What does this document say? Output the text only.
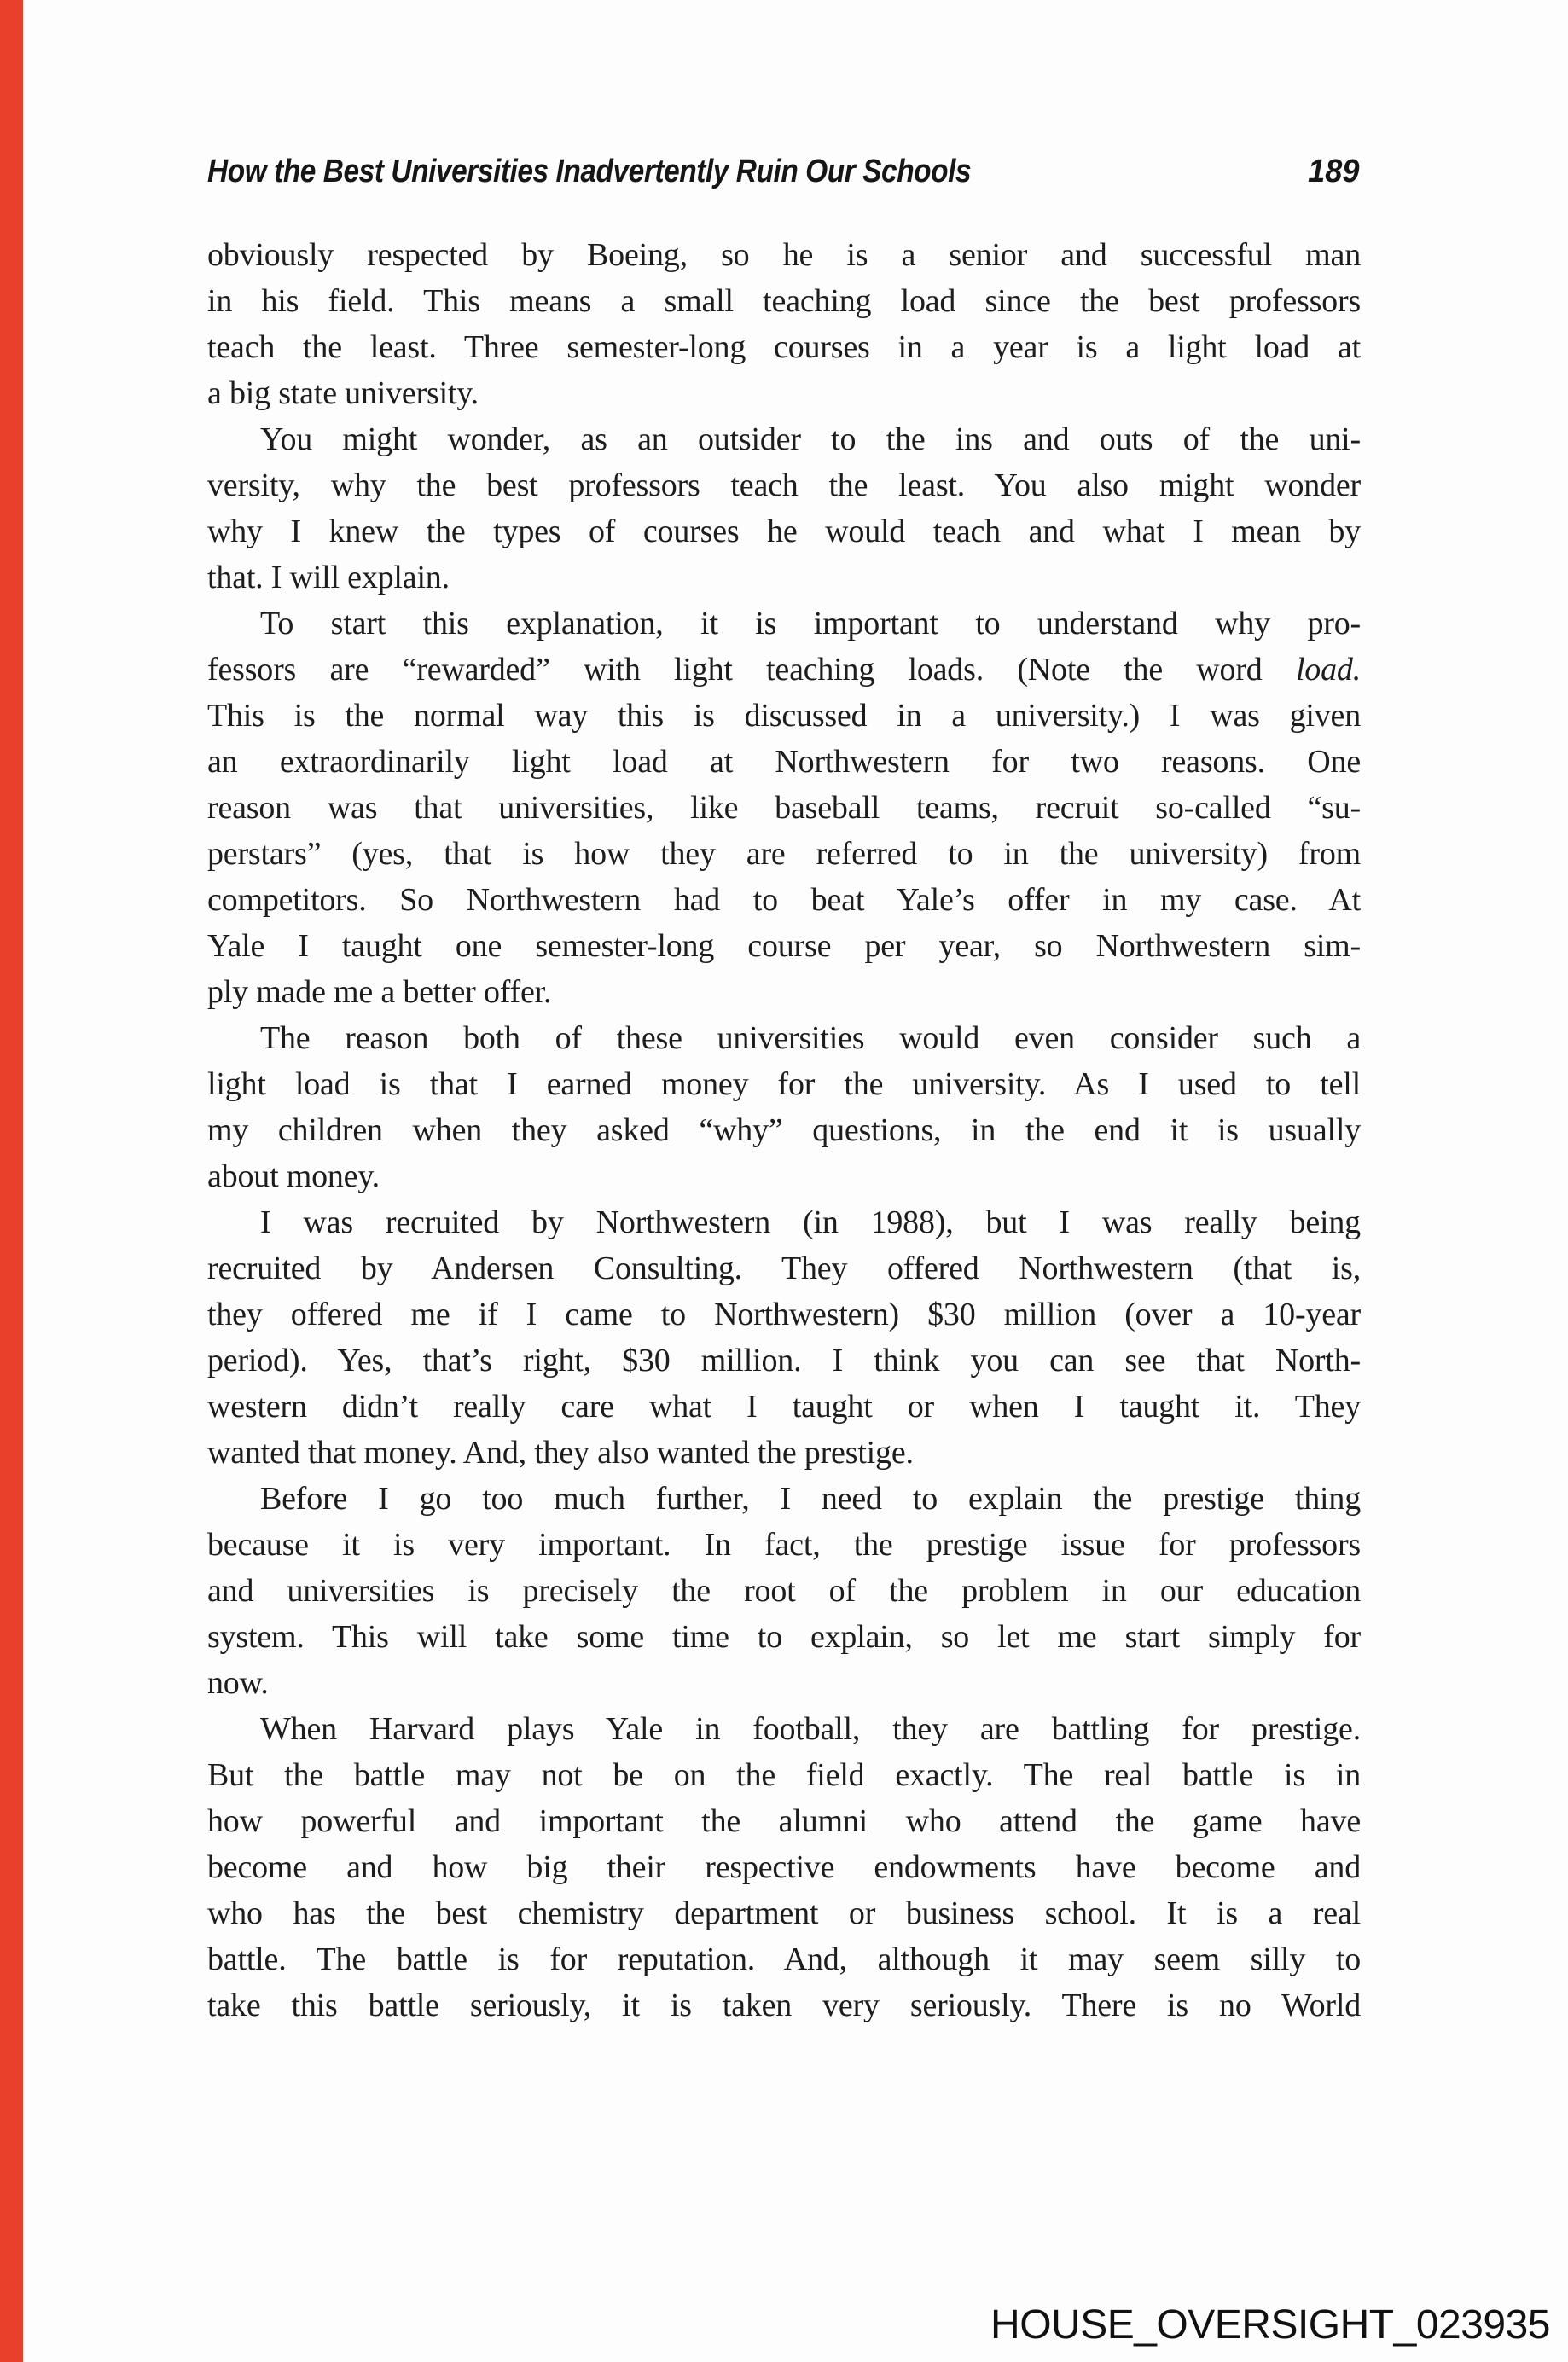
How the Best Universities Inadvertently Ruin Our Schools	189
obviously respected by Boeing, so he is a senior and successful man
in his field. This means a small teaching load since the best professors
teach the least. Three semester-long courses in a year is a light load at
a big state university.
You might wonder, as an outsider to the ins and outs of the uni-
versity, why the best professors teach the least. You also might wonder
why I knew the types of courses he would teach and what I mean by
that. I will explain.
To start this explanation, it is important to understand why pro-
fessors are “rewarded” with light teaching loads. (Note the word load.
This is the normal way this is discussed in a university.) I was given
an extraordinarily light load at Northwestern for two reasons. One
reason was that universities, like baseball teams, recruit so-called “su-
perstars” (yes, that is how they are referred to in the university) from
competitors. So Northwestern had to beat Yale’s offer in my case. At
Yale I taught one semester-long course per year, so Northwestern sim-
ply made me a better offer.
The reason both of these universities would even consider such a
light load is that I earned money for the university. As I used to tell
my children when they asked “why” questions, in the end it is usually
about money.
I was recruited by Northwestern (in 1988), but I was really being
recruited by Andersen Consulting. They offered Northwestern (that is,
they offered me if I came to Northwestern) $30 million (over a 10-year
period). Yes, that’s right, $30 million. I think you can see that North-
western didn’t really care what I taught or when I taught it. They
wanted that money. And, they also wanted the prestige.
Before I go too much further, I need to explain the prestige thing
because it is very important. In fact, the prestige issue for professors
and universities is precisely the root of the problem in our education
system. This will take some time to explain, so let me start simply for
now.
When Harvard plays Yale in football, they are battling for prestige.
But the battle may not be on the field exactly. The real battle is in
how powerful and important the alumni who attend the game have
become and how big their respective endowments have become and
who has the best chemistry department or business school. It is a real
battle. The battle is for reputation. And, although it may seem silly to
take this battle seriously, it is taken very seriously. There is no World
HOUSE_OVERSIGHT_023935
